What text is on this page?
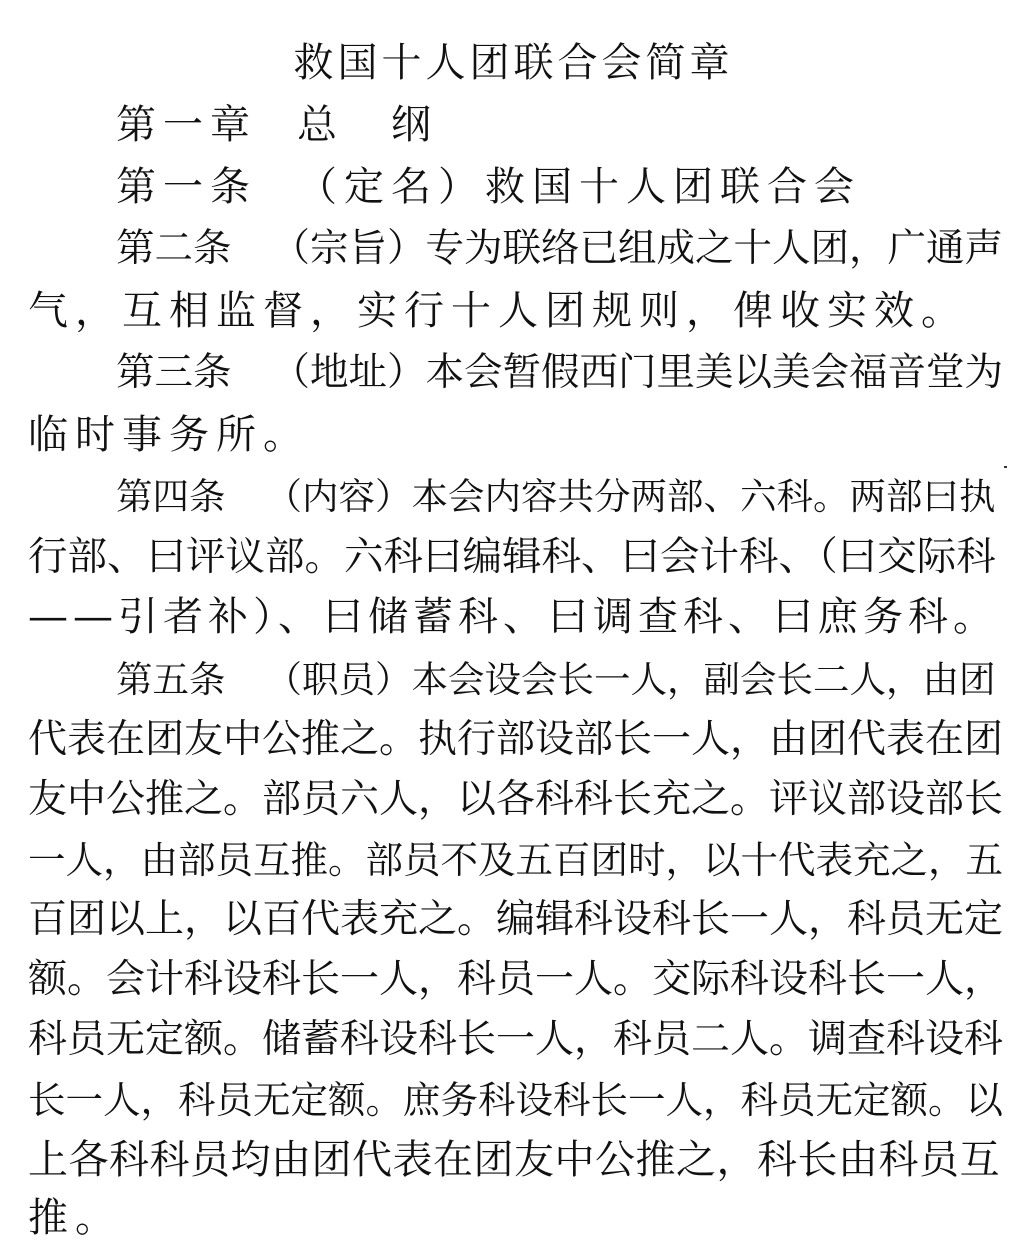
救国十人团联合会简章
第一章 总　纲
第一条 （定名）救国十人团联合会
第二条 （宗旨）专为联络已组成之十人团，广通声
气，互相监督，实行十人团规则，俾收实效。
第三条 （地址）本会暂假西门里美以美会福音堂为
临时事务所。
第四条 （内容）本会内容共分两部、六科。两部曰执
行部、曰评议部。六科曰编辑科、曰会计科、（曰交际科
——引者补）、曰储蓄科、曰调查科、曰庶务科。
第五条 （职员）本会设会长一人，副会长二人，由团
代表在团友中公推之。执行部设部长一人，由团代表在团
友中公推之。部员六人，以各科科长充之。评议部设部长
一人，由部员互推。部员不及五百团时，以十代表充之，五
百团以上，以百代表充之。编辑科设科长一人，科员无定
额。会计科设科长一人，科员一人。交际科设科长一人，
科员无定额。储蓄科设科长一人，科员二人。调查科设科
长一人，科员无定额。庶务科设科长一人，科员无定额。以
上各科科员均由团代表在团友中公推之，科长由科员互
推。
